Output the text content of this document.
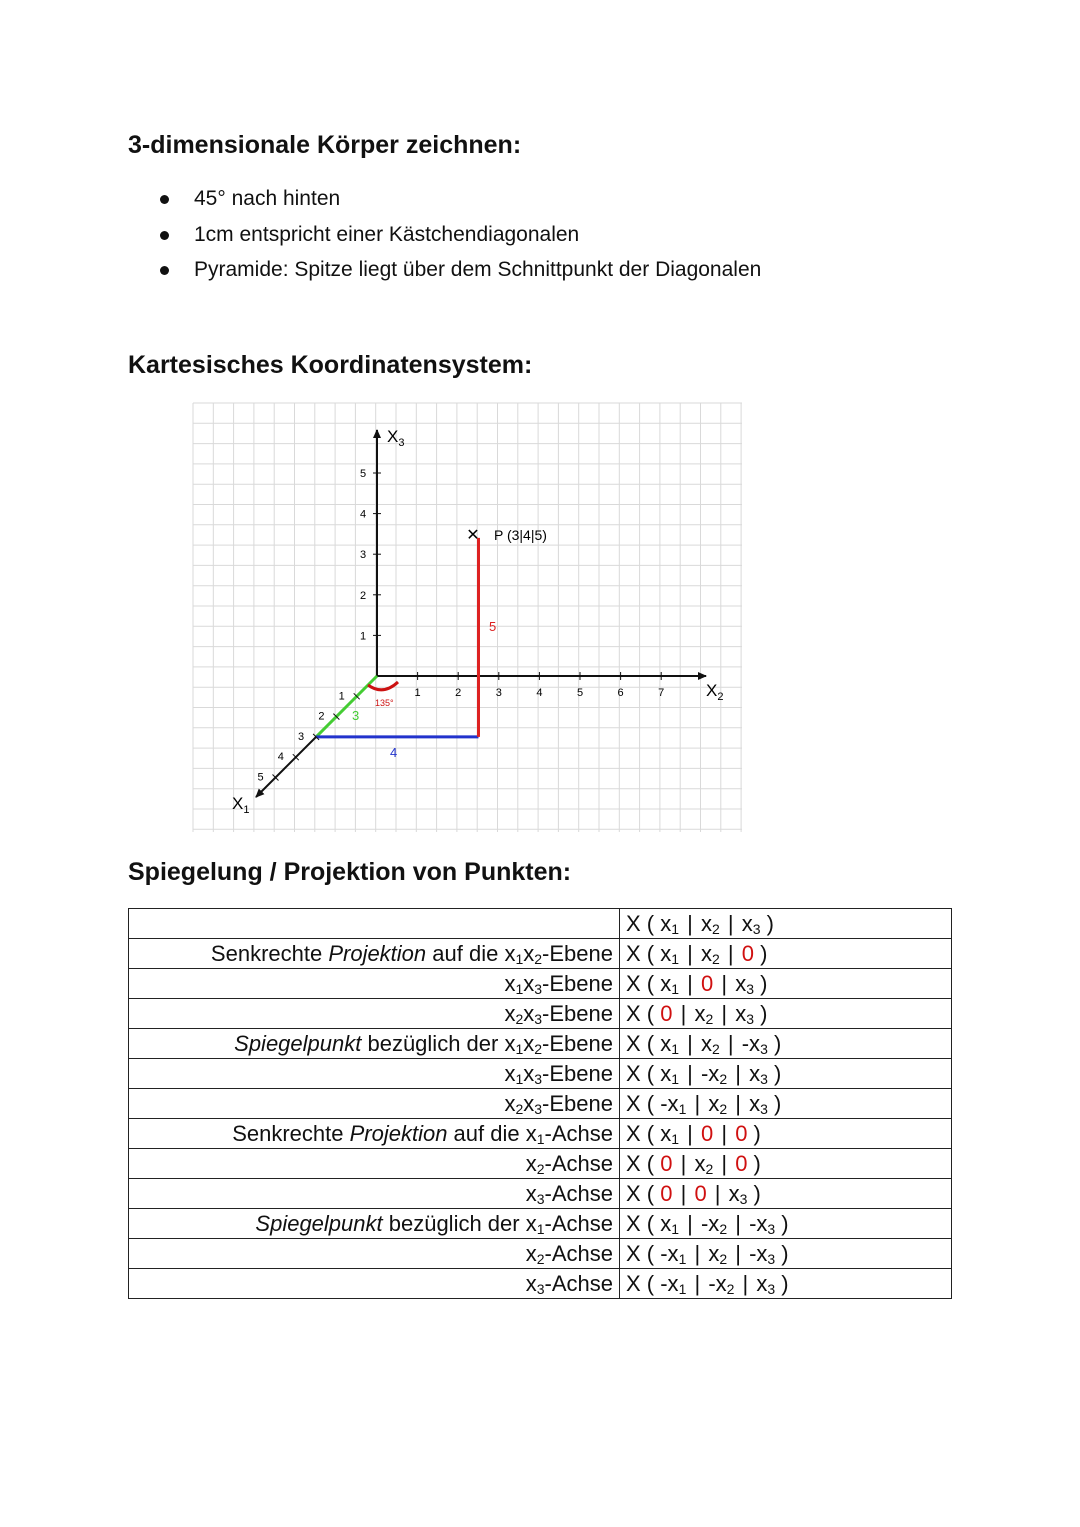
3-dimensionale Körper zeichnen:
45° nach hinten
1cm entspricht einer Kästchendiagonalen
Pyramide: Spitze liegt über dem Schnittpunkt der Diagonalen
Kartesisches Koordinatensystem:
1
2
3
4
5
1	2	3	4	5	6	7
1
2
3
4
5
$X_3$
$X_2$
$X_1$
✕ P (3|4|5)
135°
3
4
5
Spiegelung / Projektion von Punkten:
	X ( $x_1$ | $x_2$ | $x_3$ )
Senkrechte Projektion auf die $x_1x_2$-Ebene	X ( $x_1$ | $x_2$ | 0 )
$x_1x_3$-Ebene	X ( $x_1$ | 0 | $x_3$ )
$x_2x_3$-Ebene	X ( 0 | $x_2$ | $x_3$ )
Spiegelpunkt bezüglich der $x_1x_2$-Ebene	X ( $x_1$ | $x_2$ | $-x_3$ )
$x_1x_3$-Ebene	X ( $x_1$ | $-x_2$ | $x_3$ )
$x_2x_3$-Ebene	X ( $-x_1$ | $x_2$ | $x_3$ )
Senkrechte Projektion auf die $x_1$-Achse	X ( $x_1$ | 0 | 0 )
$x_2$-Achse	X ( 0 | $x_2$ | 0 )
$x_3$-Achse	X ( 0 | 0 | $x_3$ )
Spiegelpunkt bezüglich der $x_1$-Achse	X ( $x_1$ | $-x_2$ | $-x_3$ )
$x_2$-Achse	X ( $-x_1$ | $x_2$ | $-x_3$ )
$x_3$-Achse	X ( $-x_1$ | $-x_2$ | $x_3$ )
